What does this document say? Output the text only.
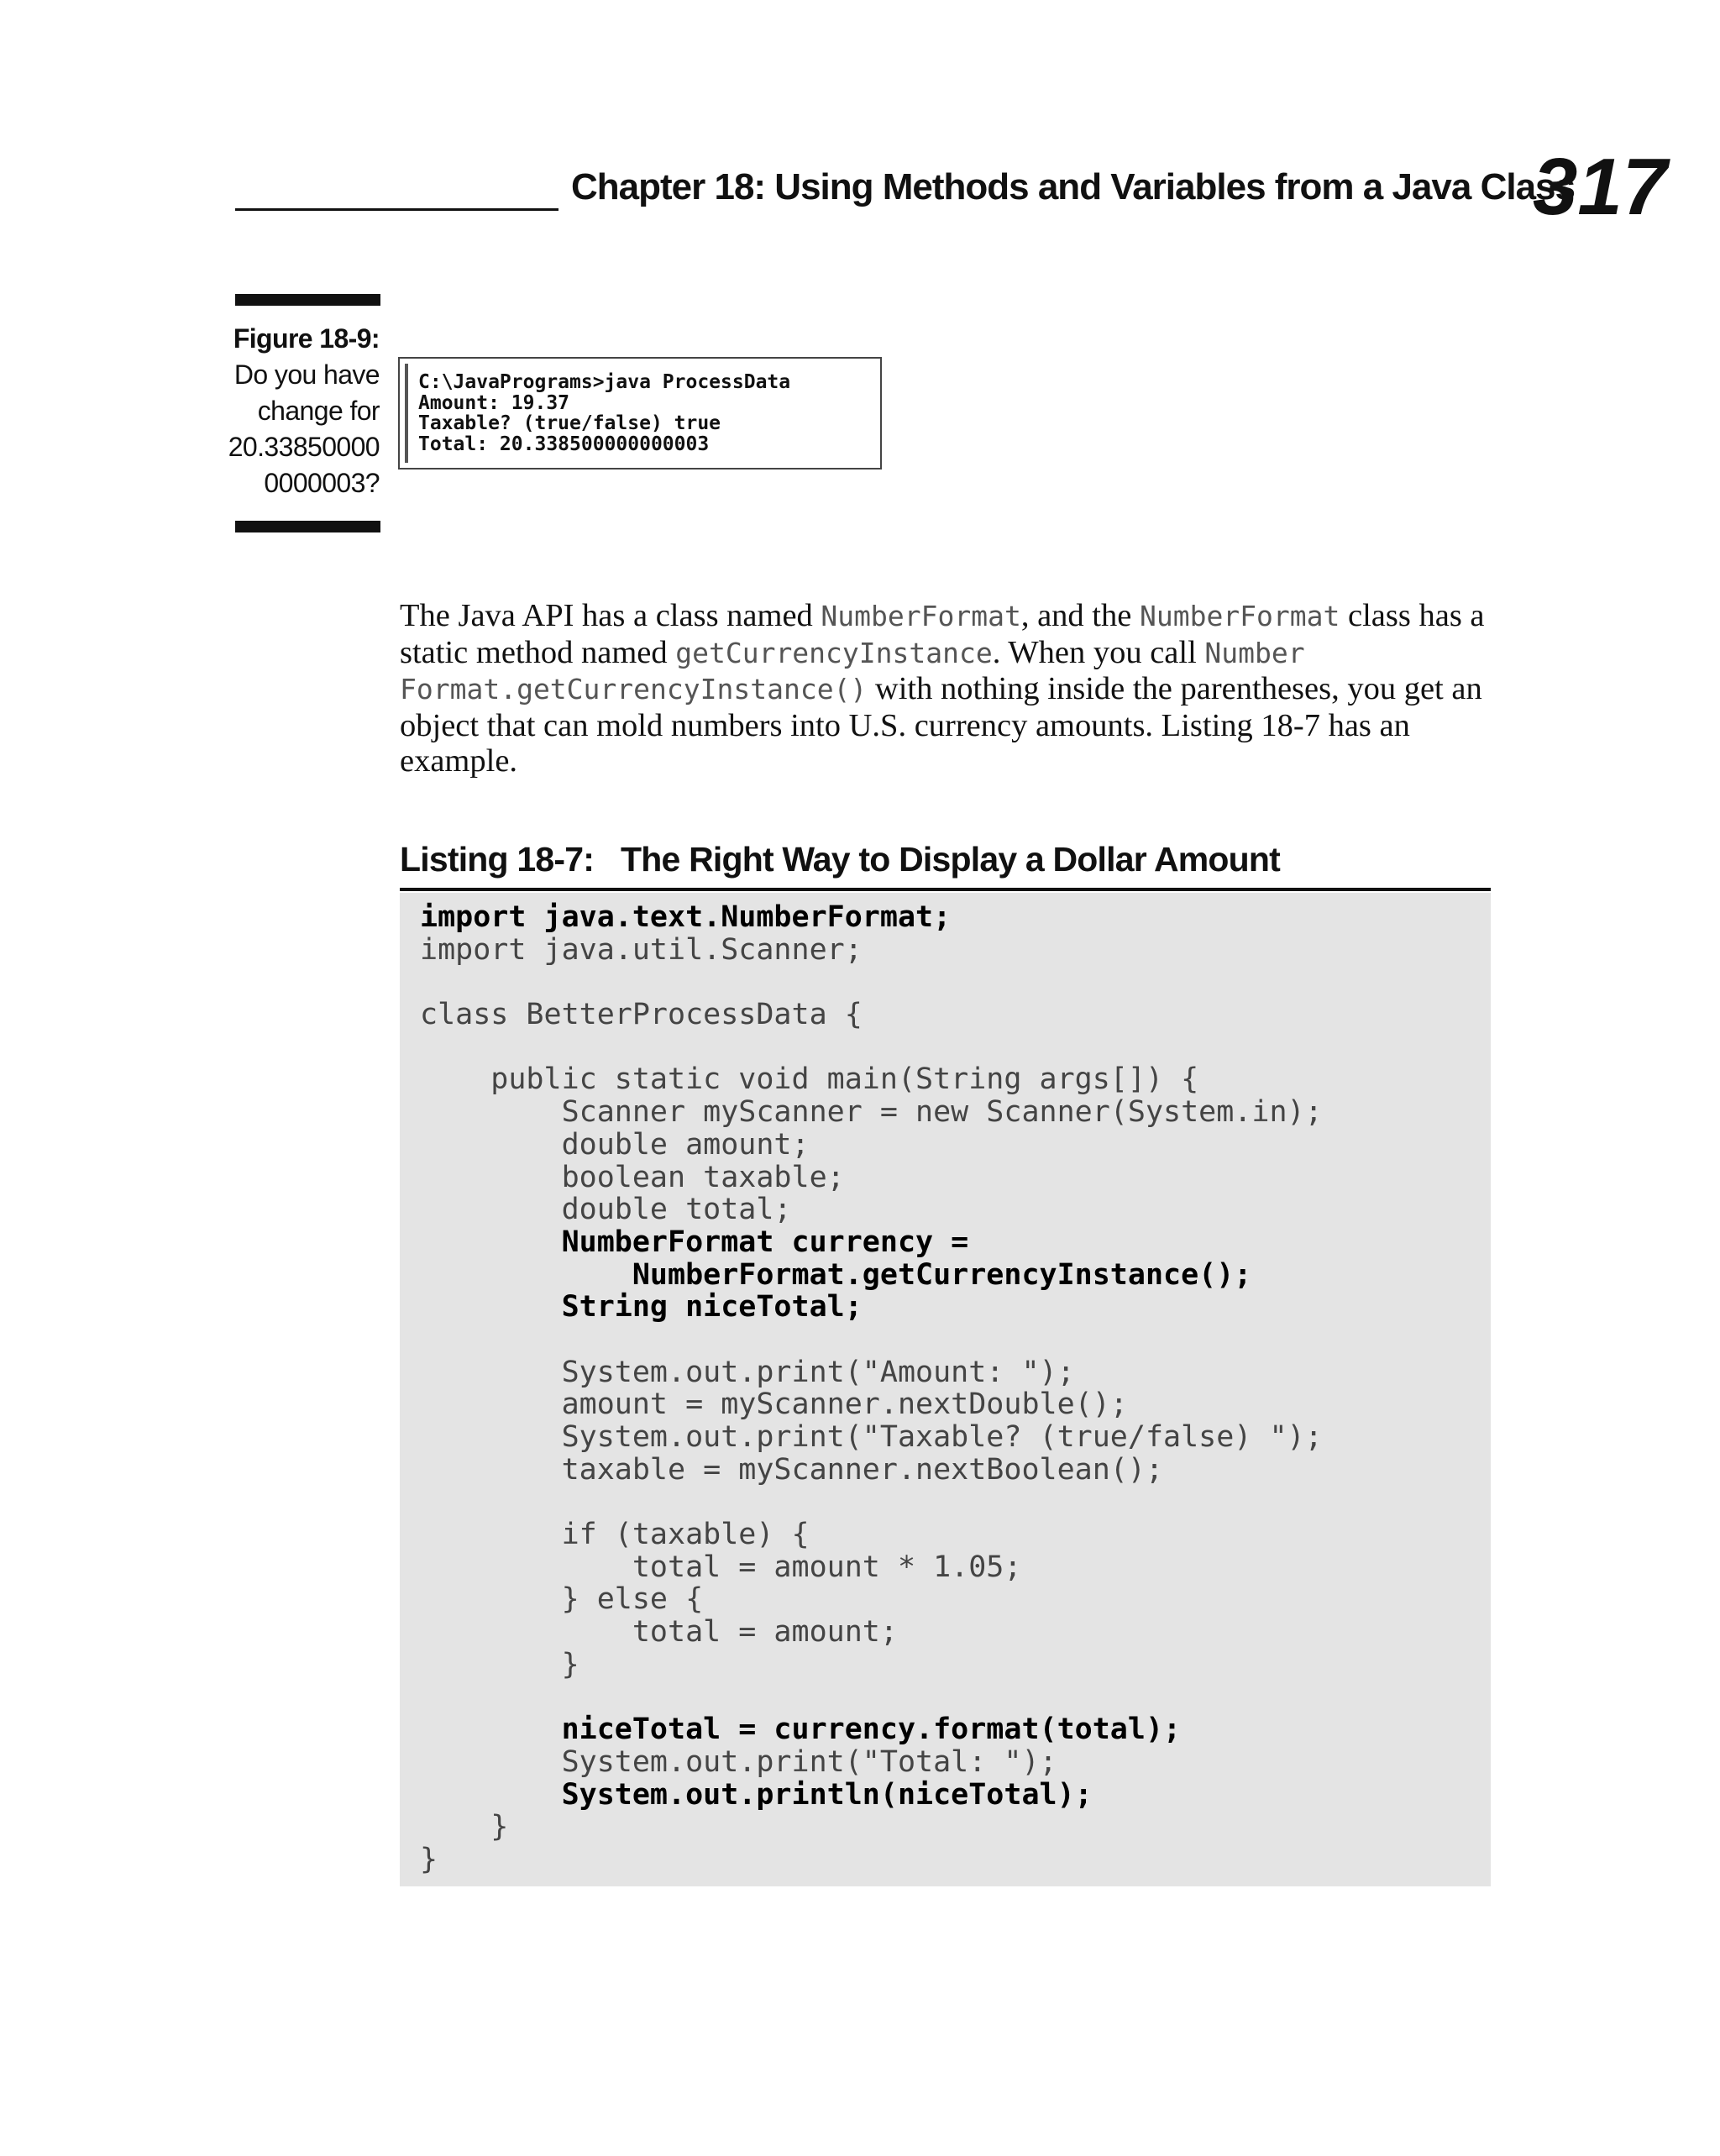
Chapter 18: Using Methods and Variables from a Java Class
317
Figure 18-9:
Do you have
change for
20.33850000
0000003?
C:\JavaPrograms>java ProcessData
Amount: 19.37
Taxable? (true/false) true
Total: 20.338500000000003
The Java API has a class named NumberFormat, and the NumberFormat class has a static method named getCurrencyInstance. When you call Number
Format.getCurrencyInstance() with nothing inside the parentheses, you get an object that can mold numbers into U.S. currency amounts. Listing 18-7 has an example.
Listing 18-7: The Right Way to Display a Dollar Amount
import java.text.NumberFormat;
import java.util.Scanner;
class BetterProcessData {
public static void main(String args[]) {
Scanner myScanner = new Scanner(System.in);
double amount;
boolean taxable;
double total;
NumberFormat currency =
NumberFormat.getCurrencyInstance();
String niceTotal;
System.out.print("Amount: ");
amount = myScanner.nextDouble();
System.out.print("Taxable? (true/false) ");
taxable = myScanner.nextBoolean();
if (taxable) {
total = amount * 1.05;
} else {
total = amount;
}
niceTotal = currency.format(total);
System.out.print("Total: ");
System.out.println(niceTotal);
}
}
